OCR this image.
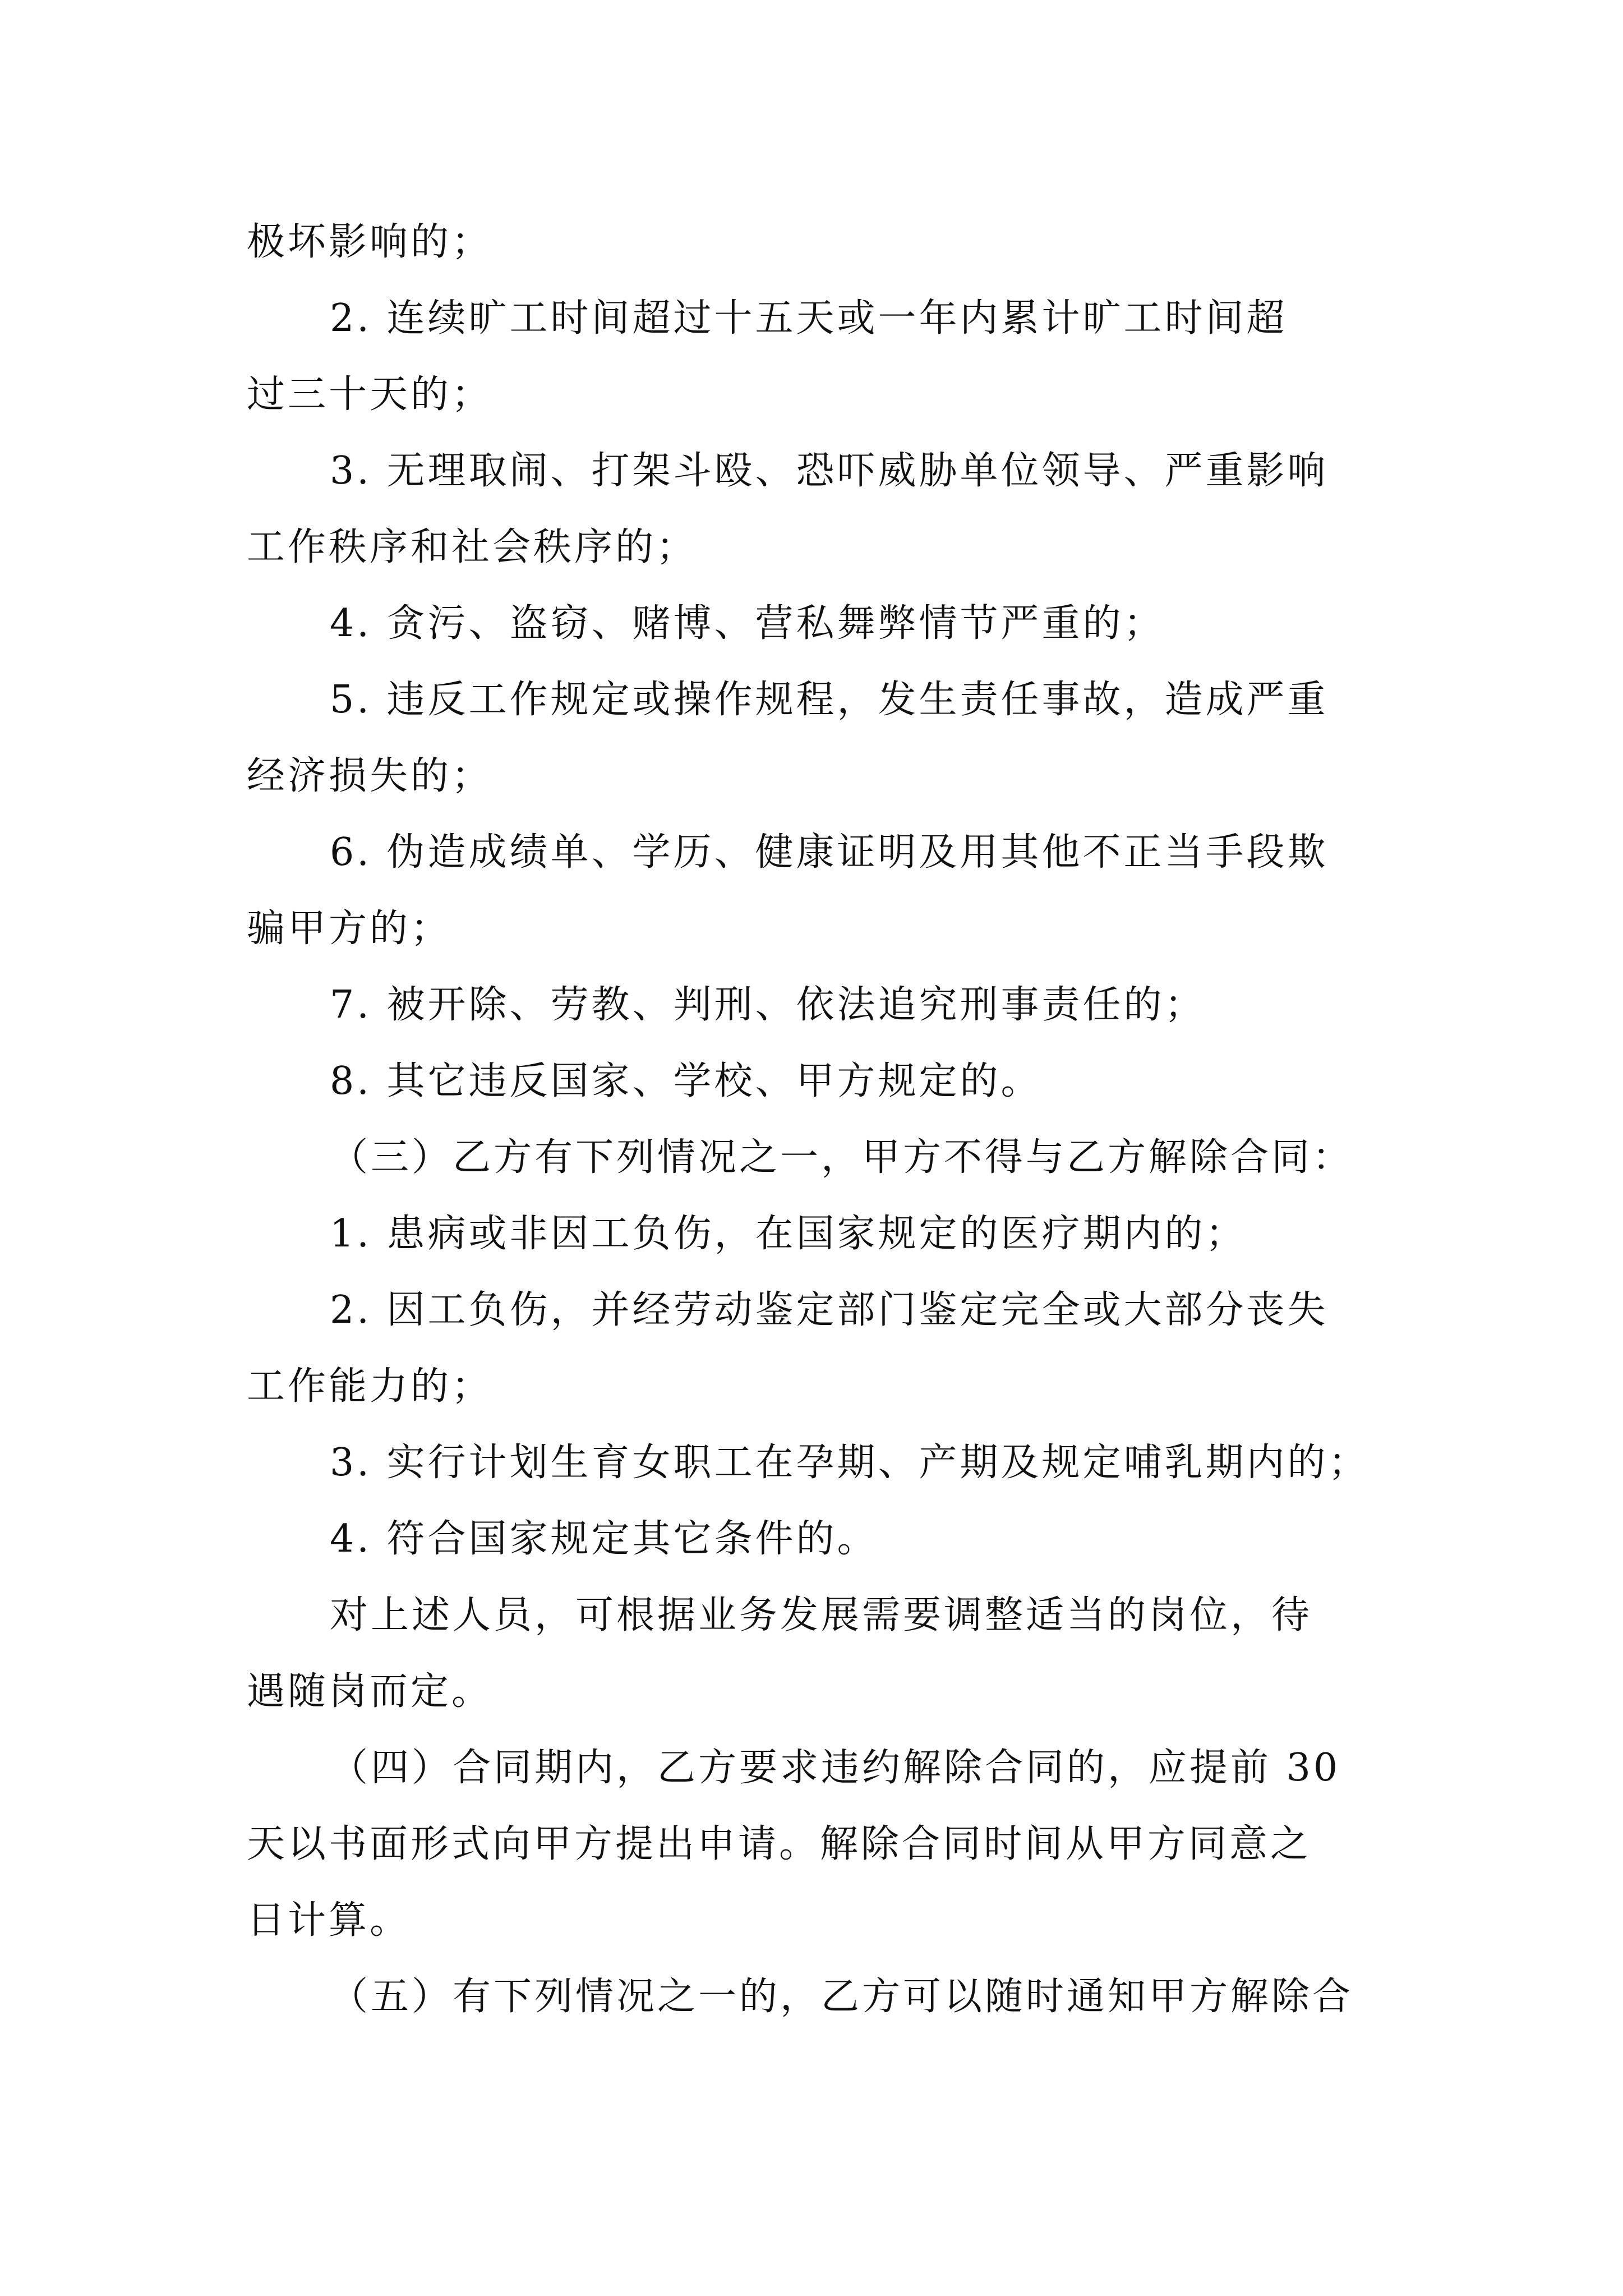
极坏影响的；
2. 连续旷工时间超过十五天或一年内累计旷工时间超
过三十天的；
3. 无理取闹、打架斗殴、恐吓威胁单位领导、严重影响
工作秩序和社会秩序的；
4. 贪污、盗窃、赌博、营私舞弊情节严重的；
5. 违反工作规定或操作规程，发生责任事故，造成严重
经济损失的；
6. 伪造成绩单、学历、健康证明及用其他不正当手段欺
骗甲方的；
7. 被开除、劳教、判刑、依法追究刑事责任的；
8. 其它违反国家、学校、甲方规定的。
（三）乙方有下列情况之一，甲方不得与乙方解除合同：
1. 患病或非因工负伤，在国家规定的医疗期内的；
2. 因工负伤，并经劳动鉴定部门鉴定完全或大部分丧失
工作能力的；
3. 实行计划生育女职工在孕期、产期及规定哺乳期内的；
4. 符合国家规定其它条件的。
对上述人员，可根据业务发展需要调整适当的岗位，待
遇随岗而定。
（四）合同期内，乙方要求违约解除合同的，应提前 30
天以书面形式向甲方提出申请。解除合同时间从甲方同意之
日计算。
（五）有下列情况之一的，乙方可以随时通知甲方解除合
